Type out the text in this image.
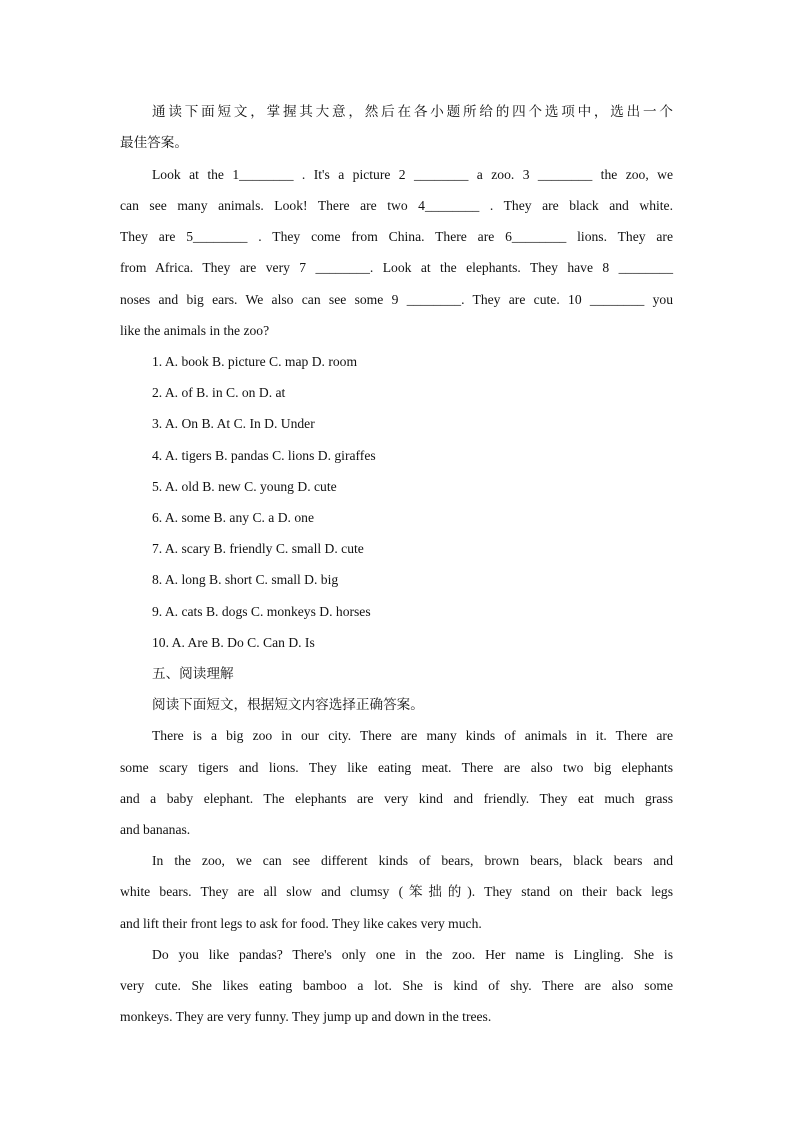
通读下面短文，掌握其大意，然后在各小题所给的四个选项中，选出一个
最佳答案。
Look at the 1________ . It's a picture 2 ________ a zoo. 3 ________ the zoo, we
can see many animals. Look! There are two 4________ . They are black and white.
They are 5________ . They come from China. There are 6________ lions. They are
from Africa. They are very 7 ________. Look at the elephants. They have 8 ________
noses and big ears. We also can see some 9 ________. They are cute. 10 ________ you
like the animals in the zoo?
1. A. book B. picture C. map D. room
2. A. of B. in C. on D. at
3. A. On B. At C. In D. Under
4. A. tigers B. pandas C. lions D. giraffes
5. A. old B. new C. young D. cute
6. A. some B. any C. a D. one
7. A. scary B. friendly C. small D. cute
8. A. long B. short C. small D. big
9. A. cats B. dogs C. monkeys D. horses
10. A. Are B. Do C. Can D. Is
五、阅读理解
阅读下面短文，根据短文内容选择正确答案。
There is a big zoo in our city. There are many kinds of animals in it. There are
some scary tigers and lions. They like eating meat. There are also two big elephants
and a baby elephant. The elephants are very kind and friendly. They eat much grass
and bananas.
In the zoo, we can see different kinds of bears, brown bears, black bears and
white bears. They are all slow and clumsy (笨拙的). They stand on their back legs
and lift their front legs to ask for food. They like cakes very much.
Do you like pandas? There's only one in the zoo. Her name is Lingling. She is
very cute. She likes eating bamboo a lot. She is kind of shy. There are also some
monkeys. They are very funny. They jump up and down in the trees.
